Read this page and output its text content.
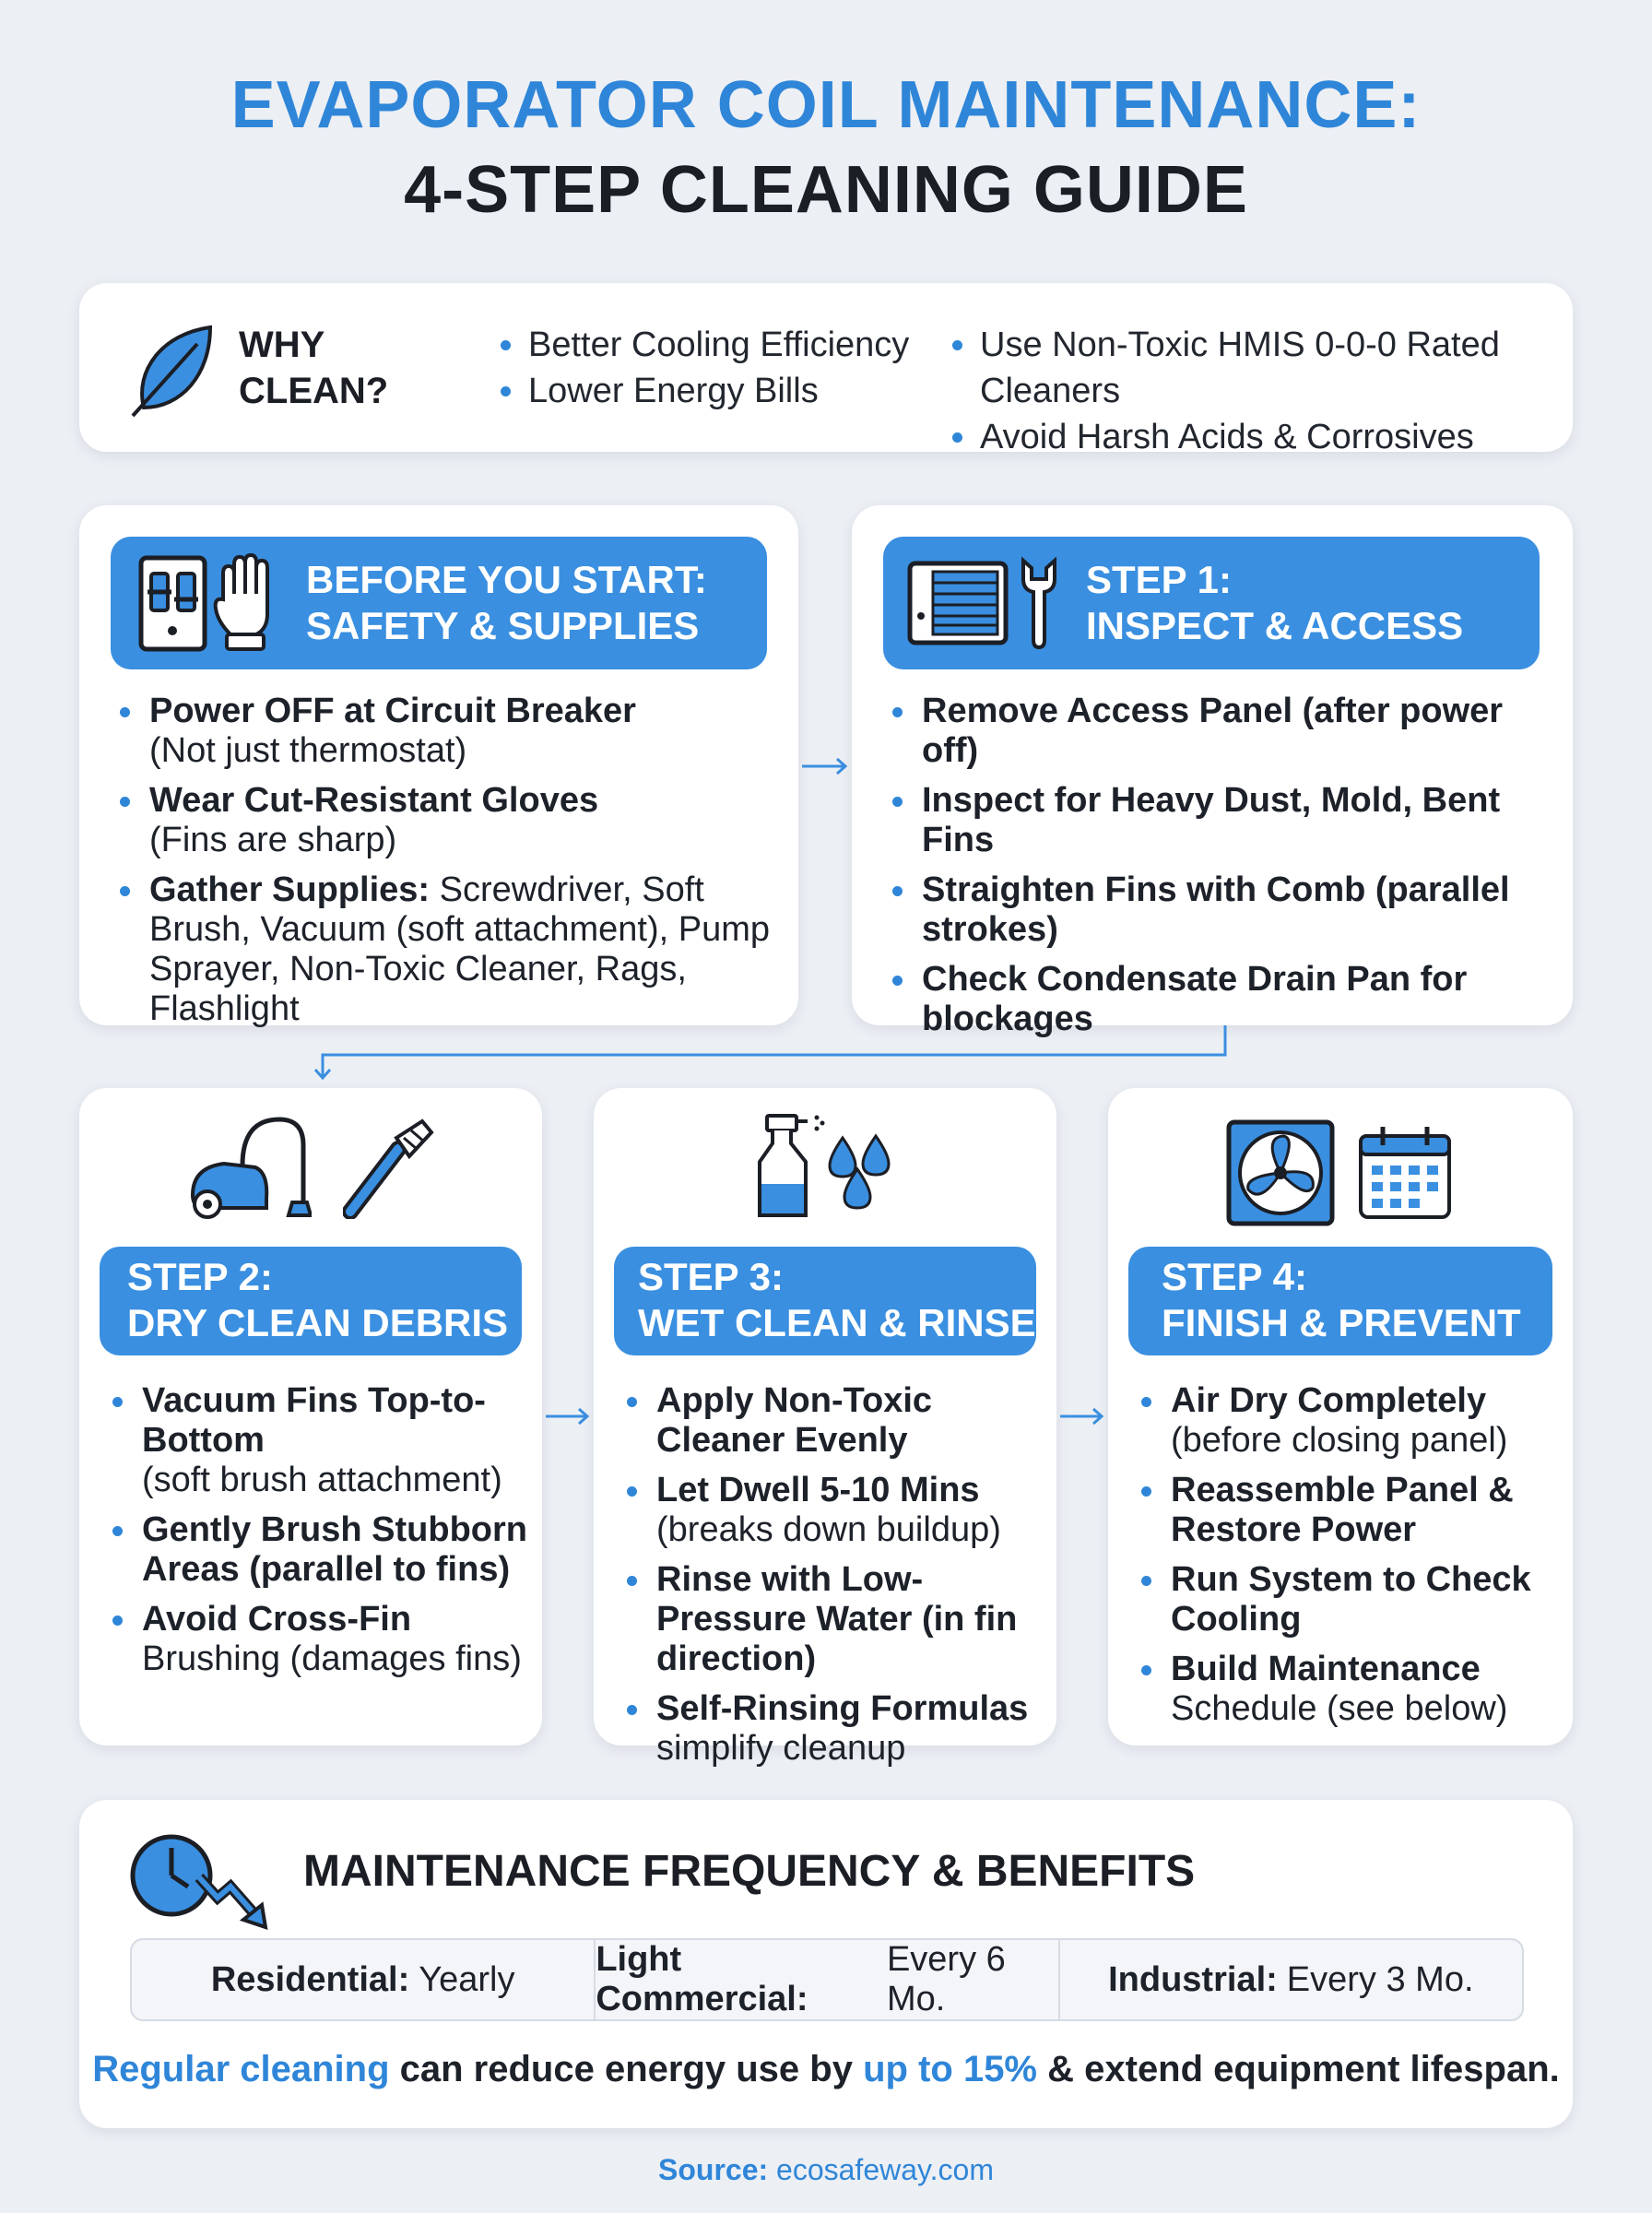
EVAPORATOR COIL MAINTENANCE:
4-STEP CLEANING GUIDE
WHY
CLEAN?
Better Cooling Efficiency
Lower Energy Bills
Use Non-Toxic HMIS 0-0-0 Rated Cleaners
Avoid Harsh Acids & Corrosives
BEFORE YOU START:
SAFETY & SUPPLIES
Power OFF at Circuit Breaker
(Not just thermostat)
Wear Cut-Resistant Gloves
(Fins are sharp)
Gather Supplies: Screwdriver, Soft Brush, Vacuum (soft attachment), Pump Sprayer, Non-Toxic Cleaner, Rags, Flashlight
STEP 1:
INSPECT & ACCESS
Remove Access Panel (after power off)
Inspect for Heavy Dust, Mold, Bent Fins
Straighten Fins with Comb (parallel strokes)
Check Condensate Drain Pan for blockages
STEP 2:
DRY CLEAN DEBRIS
Vacuum Fins Top-to-Bottom
(soft brush attachment)
Gently Brush Stubborn Areas (parallel to fins)
Avoid Cross-Fin
Brushing (damages fins)
STEP 3:
WET CLEAN & RINSE
Apply Non-Toxic Cleaner Evenly
Let Dwell 5-10 Mins
(breaks down buildup)
Rinse with Low-Pressure Water (in fin direction)
Self-Rinsing Formulas
simplify cleanup
STEP 4:
FINISH & PREVENT
Air Dry Completely
(before closing panel)
Reassemble Panel & Restore Power
Run System to Check Cooling
Build Maintenance
Schedule (see below)
MAINTENANCE FREQUENCY & BENEFITS
Residential: Yearly
Light Commercial:
Every 6 Mo.
Industrial: Every 3 Mo.
Regular cleaning can reduce energy use by up to 15% & extend equipment lifespan.
Source: ecosafeway.com
